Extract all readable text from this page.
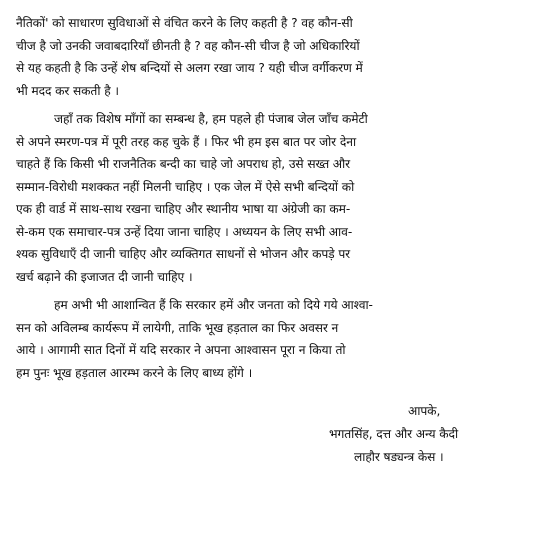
नैतिकों' को साधारण सुविधाओं से वंचित करने के लिए कहती है ? वह कौन-सी
चीज है जो उनकी जवाबदारियाँ छीनती है ? वह कौन-सी चीज है जो अधिकारियों
से यह कहती है कि उन्हें शेष बन्दियों से अलग रखा जाय ? यही चीज वर्गीकरण में
भी मदद कर सकती है ।
जहाँ तक विशेष माँगों का सम्बन्ध है, हम पहले ही पंजाब जेल जाँच कमेटी
से अपने स्मरण-पत्र में पूरी तरह कह चुके हैं । फिर भी हम इस बात पर जोर देना
चाहते हैं कि किसी भी राजनैतिक बन्दी का चाहे जो अपराध हो, उसे सख्त और
सम्मान-विरोधी मशक्कत नहीं मिलनी चाहिए । एक जेल में ऐसे सभी बन्दियों को
एक ही वार्ड में साथ-साथ रखना चाहिए और स्थानीय भाषा या अंग्रेजी का कम-
से-कम एक समाचार-पत्र उन्हें दिया जाना चाहिए । अध्ययन के लिए सभी आव-
श्यक सुविधाएँ दी जानी चाहिए और व्यक्तिगत साधनों से भोजन और कपड़े पर
खर्च बढ़ाने की इजाजत दी जानी चाहिए ।
हम अभी भी आशान्वित हैं कि सरकार हमें और जनता को दिये गये आश्वा-
सन को अविलम्ब कार्यरूप में लायेगी, ताकि भूख हड़ताल का फिर अवसर न
आये । आगामी सात दिनों में यदि सरकार ने अपना आश्वासन पूरा न किया तो
हम पुनः भूख हड़ताल आरम्भ करने के लिए बाध्य होंगे ।
आपके,
भगतसिंह, दत्त और अन्य कैदी
लाहौर षड्यन्त्र केस ।
